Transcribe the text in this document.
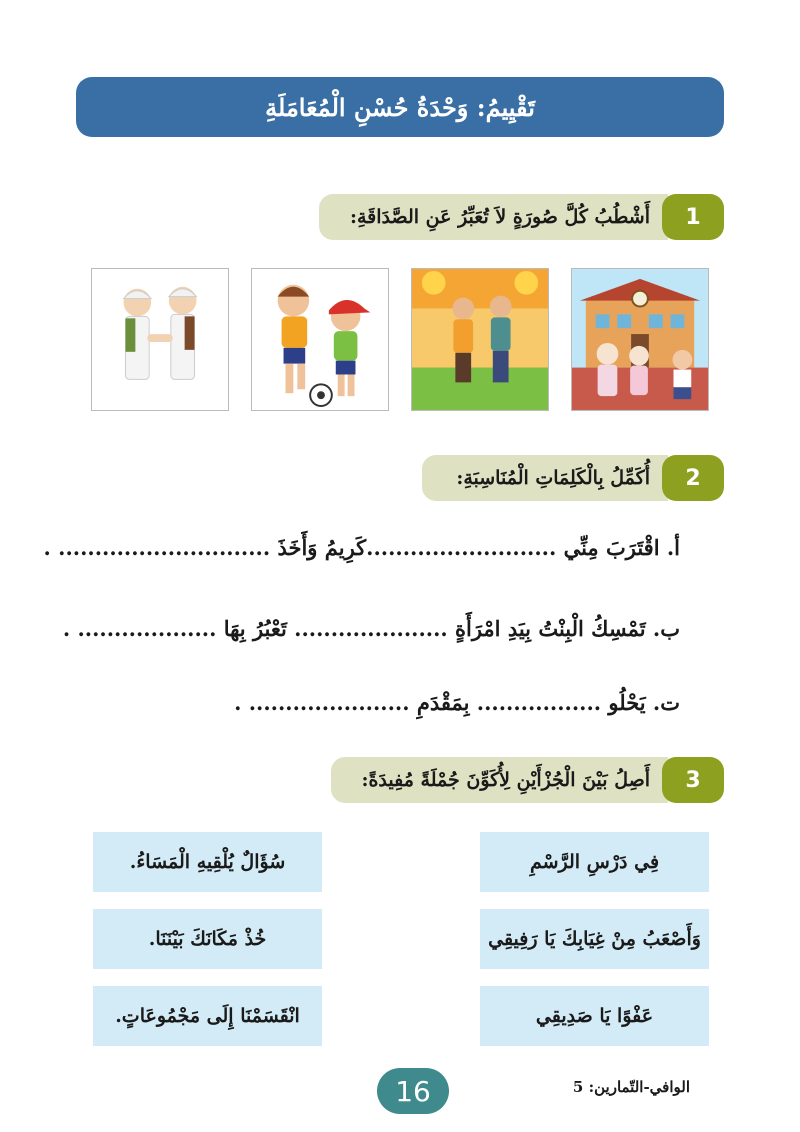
تَقْيِيمُ: وَحْدَةُ حُسْنِ الْمُعَامَلَةِ
أَشْطُبُ كُلَّ صُورَةٍ لاَ تُعَبِّرُ عَنِ الصَّدَاقَةِ:	1
أُكَمِّلُ بِالْكَلِمَاتِ الْمُنَاسِبَةِ:	2
أ. اقْتَرَبَ مِنِّي ..........................كَرِيمُ وَأَخَذَ ............................. .
ب. تَمْسِكُ الْبِنْتُ بِيَدِ امْرَأَةٍ ..................... تَعْبُرُ بِهَا ................... .
ت. يَحْلُو ................. بِمَقْدَمِ ...................... .
أَصِلُ بَيْنَ الْجُزْأَيْنِ لِأُكَوِّنَ جُمْلَةً مُفِيدَةً:	3
فِي دَرْسِ الرَّسْمِ
وَأَصْعَبُ مِنْ غِيَابِكَ يَا رَفِيقِي
عَفْوًا يَا صَدِيقِي
سُؤَالٌ يُلْقِيهِ الْمَسَاءُ.
خُذْ مَكَانَكَ بَيْنَنَا.
انْقَسَمْنَا إِلَى مَجْمُوعَاتٍ.
16	الوافي-التّمارين: 5
